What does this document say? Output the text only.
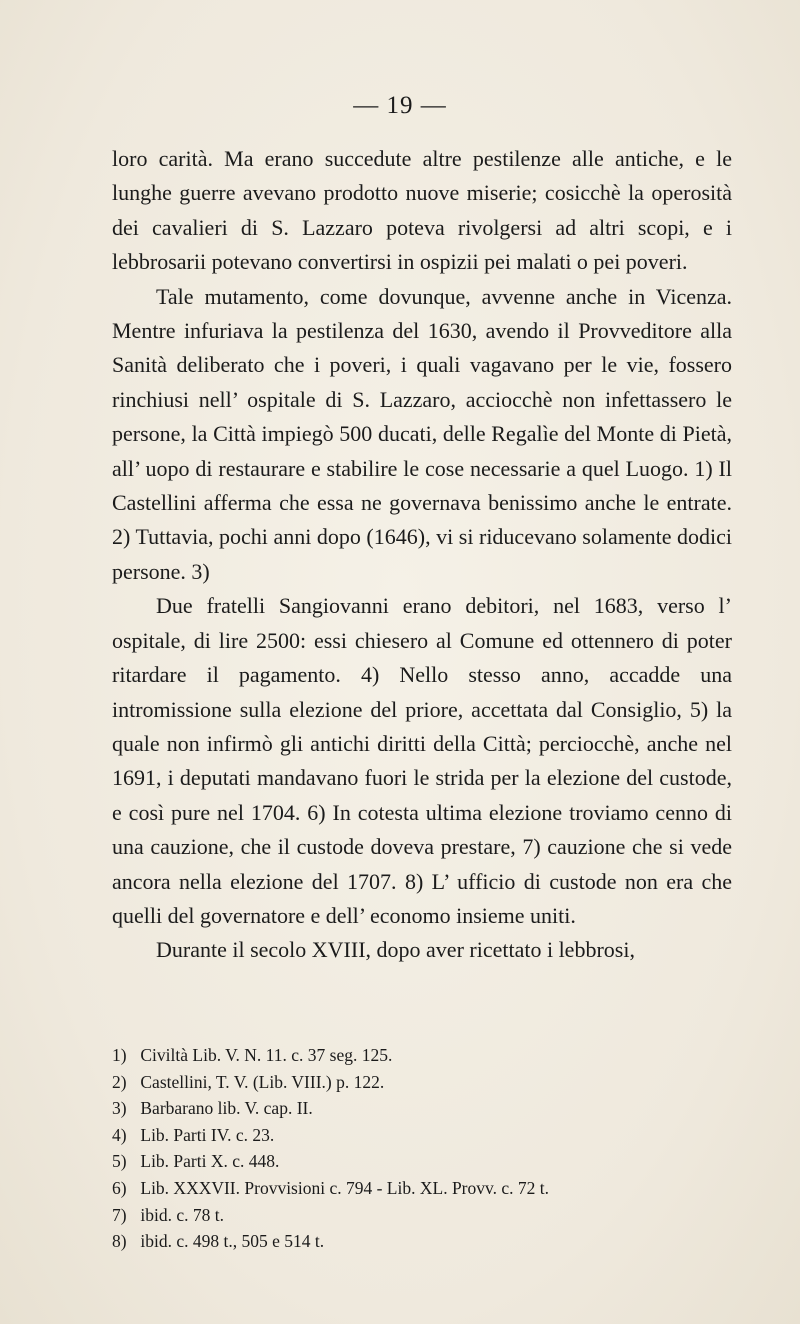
— 19 —

loro carità. Ma erano succedute altre pestilenze alle antiche, e le lunghe guerre avevano prodotto nuove miserie; cosicchè la operosità dei cavalieri di S. Lazzaro poteva rivolgersi ad altri scopi, e i lebbrosarii potevano convertirsi in ospizii pei malati o pei poveri.

Tale mutamento, come dovunque, avvenne anche in Vicenza. Mentre infuriava la pestilenza del 1630, avendo il Provveditore alla Sanità deliberato che i poveri, i quali vagavano per le vie, fossero rinchiusi nell’ ospitale di S. Lazzaro, acciocchè non infettassero le persone, la Città impiegò 500 ducati, delle Regalìe del Monte di Pietà, all’ uopo di restaurare e stabilire le cose necessarie a quel Luogo. 1) Il Castellini afferma che essa ne governava benissimo anche le entrate. 2) Tuttavia, pochi anni dopo (1646), vi si riducevano solamente dodici persone. 3)

Due fratelli Sangiovanni erano debitori, nel 1683, verso l’ ospitale, di lire 2500: essi chiesero al Comune ed ottennero di poter ritardare il pagamento. 4) Nello stesso anno, accadde una intromissione sulla elezione del priore, accettata dal Consiglio, 5) la quale non infirmò gli antichi diritti della Città; perciocchè, anche nel 1691, i deputati mandavano fuori le strida per la elezione del custode, e così pure nel 1704. 6) In cotesta ultima elezione troviamo cenno di una cauzione, che il custode doveva prestare, 7) cauzione che si vede ancora nella elezione del 1707. 8) L’ ufficio di custode non era che quelli del governatore e dell’ economo insieme uniti.

Durante il secolo XVIII, dopo aver ricettato i lebbrosi,

1) Civiltà Lib. V. N. 11. c. 37 seg. 125.
2) Castellini, T. V. (Lib. VIII.) p. 122.
3) Barbarano lib. V. cap. II.
4) Lib. Parti IV. c. 23.
5) Lib. Parti X. c. 448.
6) Lib. XXXVII. Provvisioni c. 794 - Lib. XL. Provv. c. 72 t.
7) ibid. c. 78 t.
8) ibid. c. 498 t., 505 e 514 t.
